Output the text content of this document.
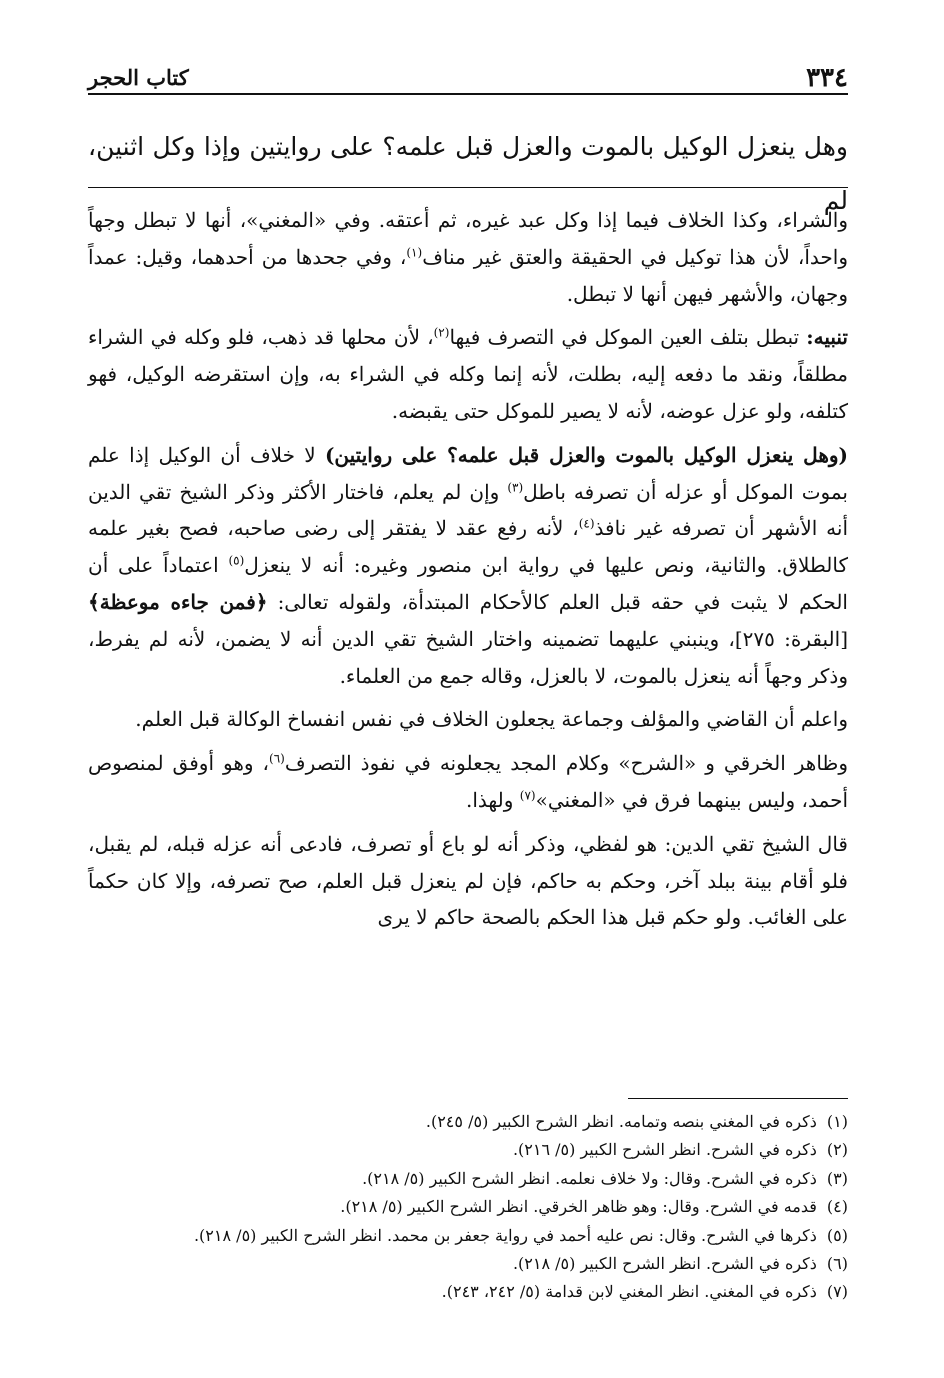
٣٣٤
كتاب الحجر

وهل ينعزل الوكيل بالموت والعزل قبل علمه؟ على روايتين وإذا وكل اثنين، لم

والشراء، وكذا الخلاف فيما إذا وكل عبد غيره، ثم أعتقه. وفي «المغني»، أنها لا تبطل وجهاً واحداً، لأن هذا توكيل في الحقيقة والعتق غير مناف$^{(١)}$، وفي جحدها من أحدهما، وقيل: عمداً وجهان، والأشهر فيهن أنها لا تبطل.

تنبيه: تبطل بتلف العين الموكل في التصرف فيها$^{(٢)}$، لأن محلها قد ذهب، فلو وكله في الشراء مطلقاً، ونقد ما دفعه إليه، بطلت، لأنه إنما وكله في الشراء به، وإن استقرضه الوكيل، فهو كتلفه، ولو عزل عوضه، لأنه لا يصير للموكل حتى يقبضه.

(وهل ينعزل الوكيل بالموت والعزل قبل علمه؟ على روايتين) لا خلاف أن الوكيل إذا علم بموت الموكل أو عزله أن تصرفه باطل$^{(٣)}$ وإن لم يعلم، فاختار الأكثر وذكر الشيخ تقي الدين أنه الأشهر أن تصرفه غير نافذ$^{(٤)}$، لأنه رفع عقد لا يفتقر إلى رضى صاحبه، فصح بغير علمه كالطلاق. والثانية، ونص عليها في رواية ابن منصور وغيره: أنه لا ينعزل$^{(٥)}$ اعتماداً على أن الحكم لا يثبت في حقه قبل العلم كالأحكام المبتدأة، ولقوله تعالى: ﴿فمن جاءه موعظة﴾ [البقرة: ٢٧٥]، وينبني عليهما تضمينه واختار الشيخ تقي الدين أنه لا يضمن، لأنه لم يفرط، وذكر وجهاً أنه ينعزل بالموت، لا بالعزل، وقاله جمع من العلماء.

واعلم أن القاضي والمؤلف وجماعة يجعلون الخلاف في نفس انفساخ الوكالة قبل العلم.

وظاهر الخرقي و «الشرح» وكلام المجد يجعلونه في نفوذ التصرف$^{(٦)}$، وهو أوفق لمنصوص أحمد، وليس بينهما فرق في «المغني»$^{(٧)}$ ولهذا.

قال الشيخ تقي الدين: هو لفظي، وذكر أنه لو باع أو تصرف، فادعى أنه عزله قبله، لم يقبل، فلو أقام بينة ببلد آخر، وحكم به حاكم، فإن لم ينعزل قبل العلم، صح تصرفه، وإلا كان حكماً على الغائب. ولو حكم قبل هذا الحكم بالصحة حاكم لا يرى

(١)ذكره في المغني بنصه وتمامه. انظر الشرح الكبير (٥/ ٢٤٥).
(٢)ذكره في الشرح. انظر الشرح الكبير (٥/ ٢١٦).
(٣)ذكره في الشرح. وقال: ولا خلاف نعلمه. انظر الشرح الكبير (٥/ ٢١٨).
(٤)قدمه في الشرح. وقال: وهو ظاهر الخرقي. انظر الشرح الكبير (٥/ ٢١٨).
(٥)ذكرها في الشرح. وقال: نص عليه أحمد في رواية جعفر بن محمد. انظر الشرح الكبير (٥/ ٢١٨).
(٦)ذكره في الشرح. انظر الشرح الكبير (٥/ ٢١٨).
(٧)ذكره في المغني. انظر المغني لابن قدامة (٥/ ٢٤٢، ٢٤٣).
